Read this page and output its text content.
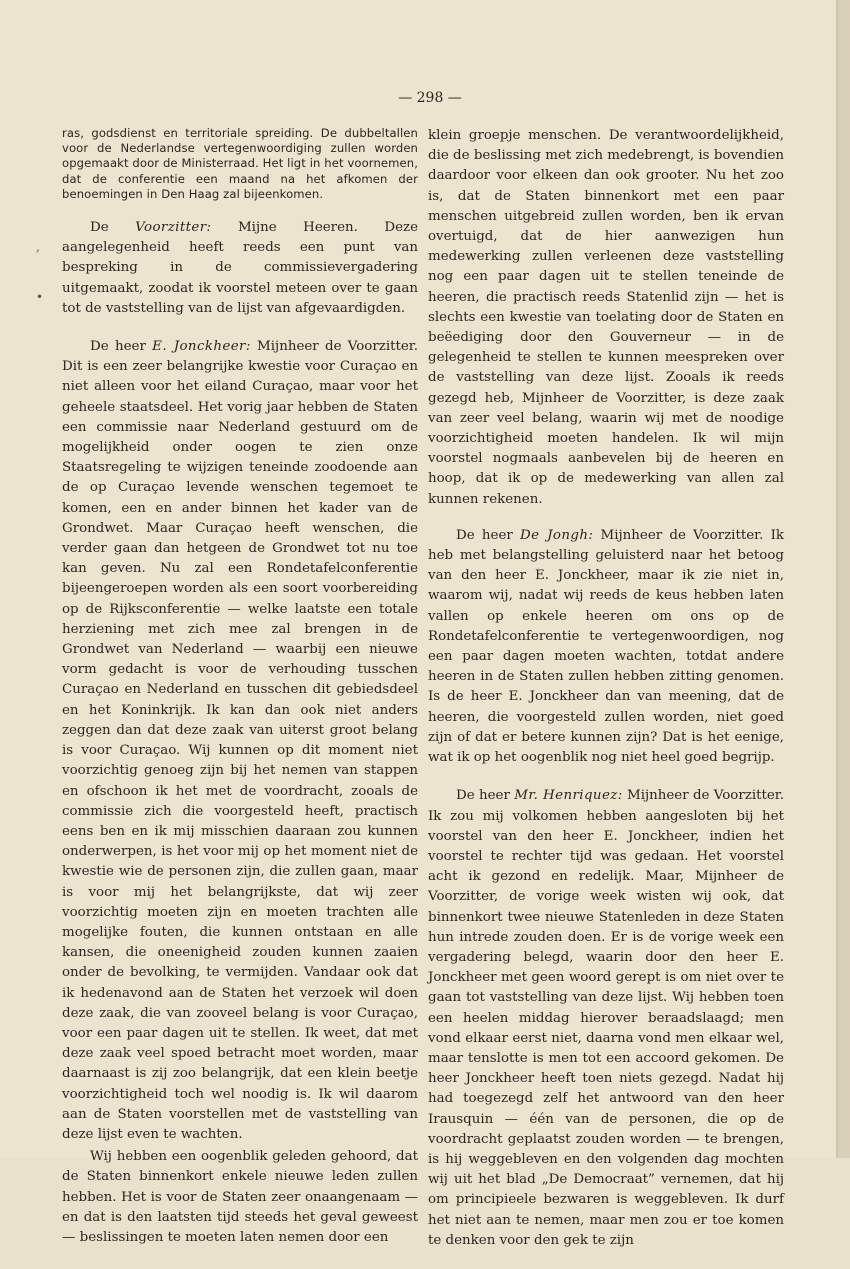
— 298 —
,
•

ras, godsdienst en territoriale spreiding. De dubbeltallen voor de Nederlandse vertegenwoordiging zullen worden opgemaakt door de Ministerraad. Het ligt in het voornemen, dat de conferentie een maand na het afkomen der benoemingen in Den Haag zal bijeenkomen.

De Voorzitter: Mijne Heeren. Deze aangelegenheid heeft reeds een punt van bespreking in de commissievergadering uitgemaakt, zoodat ik voorstel meteen over te gaan tot de vaststelling van de lijst van afgevaardigden.

De heer E. Jonckheer: Mijnheer de Voorzitter. Dit is een zeer belangrijke kwestie voor Curaçao en niet alleen voor het eiland Curaçao, maar voor het geheele staatsdeel. Het vorig jaar hebben de Staten een commissie naar Nederland gestuurd om de mogelijkheid onder oogen te zien onze Staatsregeling te wijzigen teneinde zoodoende aan de op Curaçao levende wenschen tegemoet te komen, een en ander binnen het kader van de Grondwet. Maar Curaçao heeft wenschen, die verder gaan dan hetgeen de Grondwet tot nu toe kan geven. Nu zal een Rondetafelconferentie bijeengeroepen worden als een soort voorbereiding op de Rijksconferentie — welke laatste een totale herziening met zich mee zal brengen in de Grondwet van Nederland — waarbij een nieuwe vorm gedacht is voor de verhouding tusschen Curaçao en Nederland en tusschen dit gebiedsdeel en het Koninkrijk. Ik kan dan ook niet anders zeggen dan dat deze zaak van uiterst groot belang is voor Curaçao. Wij kunnen op dit moment niet voorzichtig genoeg zijn bij het nemen van stappen en ofschoon ik het met de voordracht, zooals de commissie zich die voorgesteld heeft, practisch eens ben en ik mij misschien daaraan zou kunnen onderwerpen, is het voor mij op het moment niet de kwestie wie de personen zijn, die zullen gaan, maar is voor mij het belangrijkste, dat wij zeer voorzichtig moeten zijn en moeten trachten alle mogelijke fouten, die kunnen ontstaan en alle kansen, die oneenigheid zouden kunnen zaaien onder de bevolking, te vermijden. Vandaar ook dat ik hedenavond aan de Staten het verzoek wil doen deze zaak, die van zooveel belang is voor Curaçao, voor een paar dagen uit te stellen. Ik weet, dat met deze zaak veel spoed betracht moet worden, maar daarnaast is zij zoo belangrijk, dat een klein beetje voorzichtigheid toch wel noodig is. Ik wil daarom aan de Staten voorstellen met de vaststelling van deze lijst even te wachten.

Wij hebben een oogenblik geleden gehoord, dat de Staten binnenkort enkele nieuwe leden zullen hebben. Het is voor de Staten zeer onaangenaam — en dat is den laatsten tijd steeds het geval geweest — beslissingen te moeten laten nemen door een

klein groepje menschen. De verantwoordelijkheid, die de beslissing met zich medebrengt, is bovendien daardoor voor elkeen dan ook grooter. Nu het zoo is, dat de Staten binnenkort met een paar menschen uitgebreid zullen worden, ben ik ervan overtuigd, dat de hier aanwezigen hun medewerking zullen verleenen deze vaststelling nog een paar dagen uit te stellen teneinde de heeren, die practisch reeds Statenlid zijn — het is slechts een kwestie van toelating door de Staten en beëediging door den Gouverneur — in de gelegenheid te stellen te kunnen meespreken over de vaststelling van deze lijst. Zooals ik reeds gezegd heb, Mijnheer de Voorzitter, is deze zaak van zeer veel belang, waarin wij met de noodige voorzichtigheid moeten handelen. Ik wil mijn voorstel nogmaals aanbevelen bij de heeren en hoop, dat ik op de medewerking van allen zal kunnen rekenen.

De heer De Jongh: Mijnheer de Voorzitter. Ik heb met belangstelling geluisterd naar het betoog van den heer E. Jonckheer, maar ik zie niet in, waarom wij, nadat wij reeds de keus hebben laten vallen op enkele heeren om ons op de Rondetafelconferentie te vertegenwoordigen, nog een paar dagen moeten wachten, totdat andere heeren in de Staten zullen hebben zitting genomen. Is de heer E. Jonckheer dan van meening, dat de heeren, die voorgesteld zullen worden, niet goed zijn of dat er betere kunnen zijn? Dat is het eenige, wat ik op het oogenblik nog niet heel goed begrijp.

De heer Mr. Henriquez: Mijnheer de Voorzitter. Ik zou mij volkomen hebben aangesloten bij het voorstel van den heer E. Jonckheer, indien het voorstel te rechter tijd was gedaan. Het voorstel acht ik gezond en redelijk. Maar, Mijnheer de Voorzitter, de vorige week wisten wij ook, dat binnenkort twee nieuwe Statenleden in deze Staten hun intrede zouden doen. Er is de vorige week een vergadering belegd, waarin door den heer E. Jonckheer met geen woord gerept is om niet over te gaan tot vaststelling van deze lijst. Wij hebben toen een heelen middag hierover beraadslaagd; men vond elkaar eerst niet, daarna vond men elkaar wel, maar tenslotte is men tot een accoord gekomen. De heer Jonckheer heeft toen niets gezegd. Nadat hij had toegezegd zelf het antwoord van den heer Irausquin — één van de personen, die op de voordracht geplaatst zouden worden — te brengen, is hij weggebleven en den volgenden dag mochten wij uit het blad „De Democraat” vernemen, dat hij om principieele bezwaren is weggebleven. Ik durf het niet aan te nemen, maar men zou er toe komen te denken voor den gek te zijn
